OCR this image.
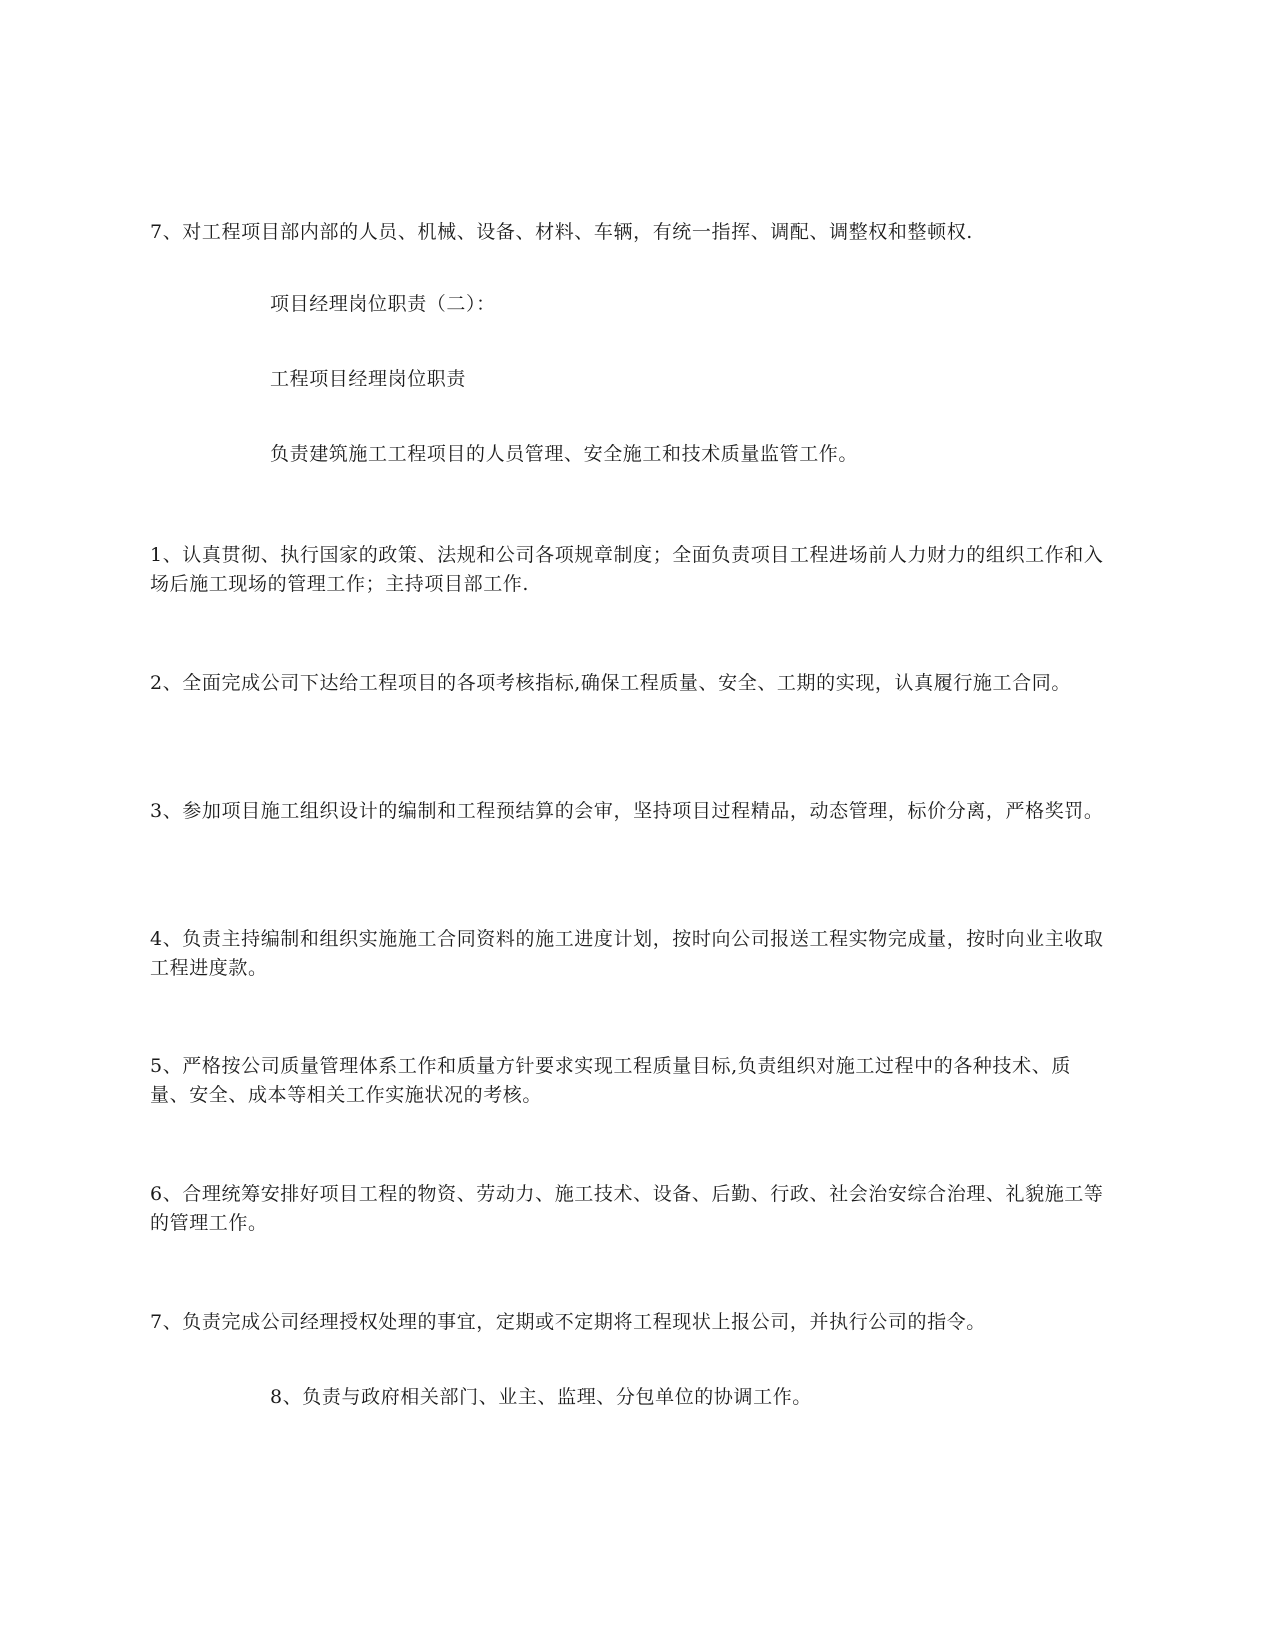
7、对工程项目部内部的人员、机械、设备、材料、车辆，有统一指挥、调配、调整权和整顿权.

项目经理岗位职责（二）：

工程项目经理岗位职责

负责建筑施工工程项目的人员管理、安全施工和技术质量监管工作。

1、认真贯彻、执行国家的政策、法规和公司各项规章制度；全面负责项目工程进场前人力财力的组织工作和入场后施工现场的管理工作；主持项目部工作.

2、全面完成公司下达给工程项目的各项考核指标,确保工程质量、安全、工期的实现，认真履行施工合同。

3、参加项目施工组织设计的编制和工程预结算的会审，坚持项目过程精品，动态管理，标价分离，严格奖罚。

4、负责主持编制和组织实施施工合同资料的施工进度计划，按时向公司报送工程实物完成量，按时向业主收取工程进度款。

5、严格按公司质量管理体系工作和质量方针要求实现工程质量目标,负责组织对施工过程中的各种技术、质量、安全、成本等相关工作实施状况的考核。

6、合理统筹安排好项目工程的物资、劳动力、施工技术、设备、后勤、行政、社会治安综合治理、礼貌施工等的管理工作。

7、负责完成公司经理授权处理的事宜，定期或不定期将工程现状上报公司，并执行公司的指令。

8、负责与政府相关部门、业主、监理、分包单位的协调工作。
